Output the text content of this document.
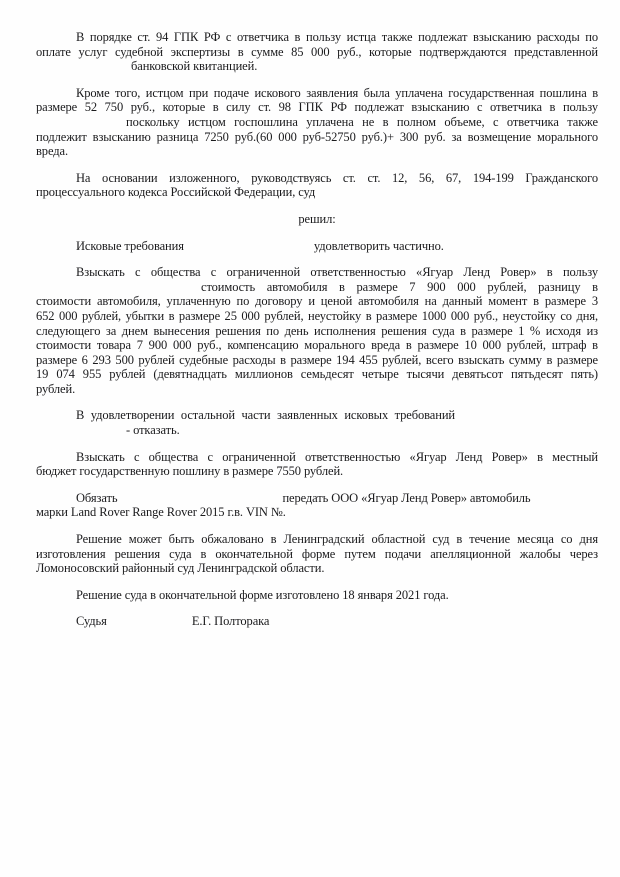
В порядке ст. 94 ГПК РФ с ответчика в пользу истца также подлежат взысканию расходы по
оплате услуг судебной экспертизы в сумме 85 000 руб., которые подтверждаются представленной
банковской квитанцией.
Кроме того, истцом при подаче искового заявления была уплачена государственная пошлина в
размере 52 750 руб., которые в силу ст. 98 ГПК РФ подлежат взысканию с ответчика в пользу
поскольку истцом госпошлина уплачена не в полном объеме, с ответчика также
подлежит взысканию разница 7250 руб.(60 000 руб-52750 руб.)+ 300 руб. за возмещение морального
вреда.
На основании изложенного, руководствуясь ст. ст. 12, 56, 67, 194-199 Гражданского
процессуального кодекса Российской Федерации, суд
решил:
Исковые требования	удовлетворить частично.
Взыскать с общества с ограниченной ответственностью «Ягуар Ленд Ровер» в пользу
стоимость автомобиля в размере 7 900 000 рублей, разницу в
стоимости автомобиля, уплаченную по договору и ценой автомобиля на данный момент в размере 3
652 000 рублей, убытки в размере 25 000 рублей, неустойку в размере 1000 000 руб., неустойку со дня,
следующего за днем вынесения решения по день исполнения решения суда в размере 1 % исходя из
стоимости товара 7 900 000 руб., компенсацию морального вреда в размере 10 000 рублей, штраф в
размере 6 293 500 рублей судебные расходы в размере 194 455 рублей, всего взыскать сумму в размере
19 074 955 рублей (девятнадцать миллионов семьдесят четыре тысячи девятьсот пятьдесят пять)
рублей.
В удовлетворении остальной части заявленных исковых требований
- отказать.
Взыскать с общества с ограниченной ответственностью «Ягуар Ленд Ровер» в местный
бюджет государственную пошлину в размере 7550 рублей.
Обязать	передать ООО «Ягуар Ленд Ровер» автомобиль
марки Land Rover Range Rover 2015 г.в. VIN №.
Решение может быть обжаловано в Ленинградский областной суд в течение месяца со дня
изготовления решения суда в окончательной форме путем подачи апелляционной жалобы через
Ломоносовский районный суд Ленинградской области.
Решение суда в окончательной форме изготовлено 18 января 2021 года.
Судья	Е.Г. Полторака
